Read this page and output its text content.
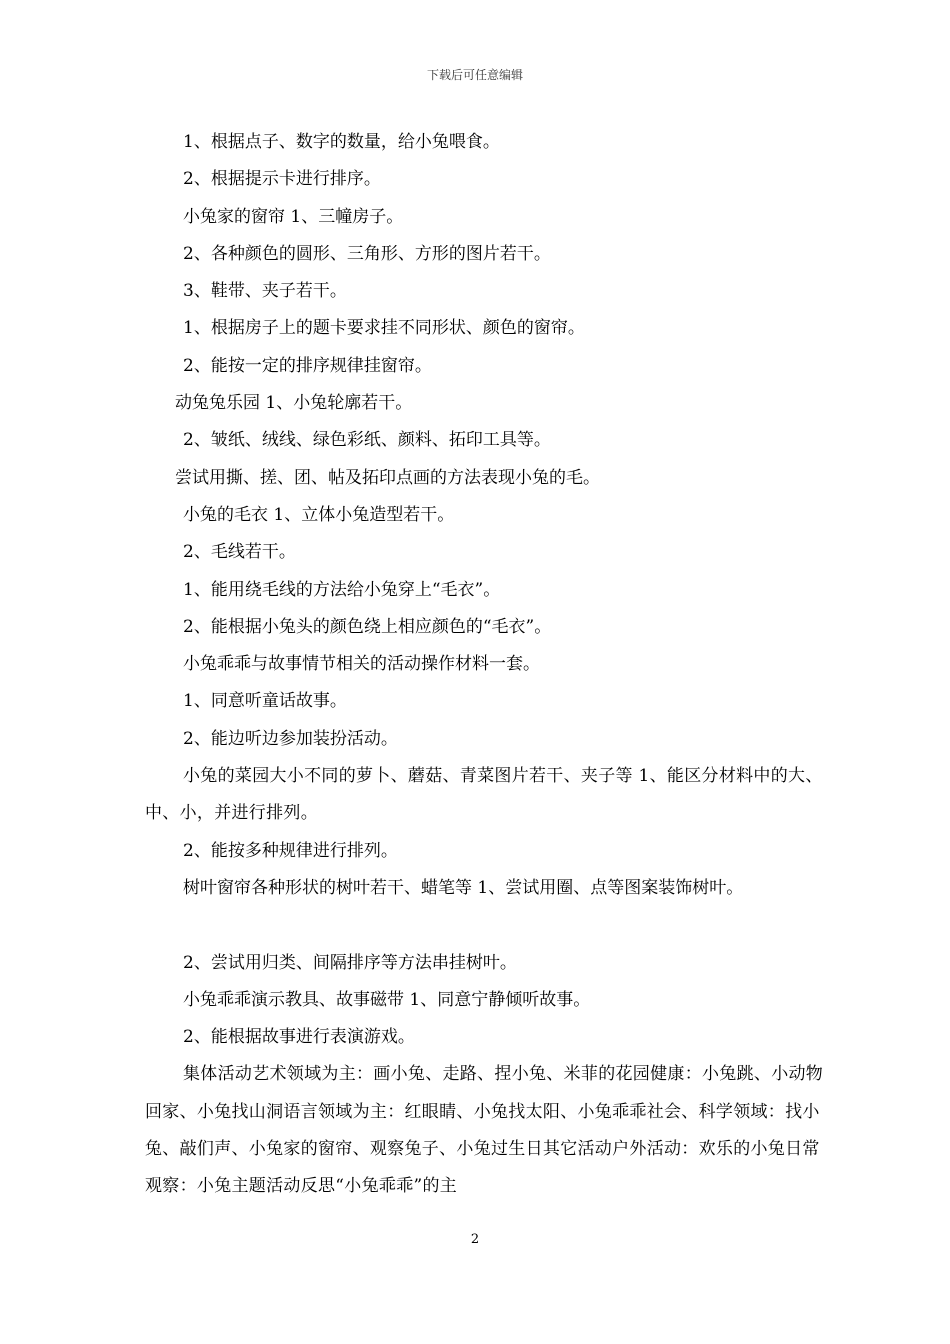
下载后可任意编辑

1、根据点子、数字的数量，给小兔喂食。

2、根据提示卡进行排序。

小兔家的窗帘 1、三幢房子。

2、各种颜色的圆形、三角形、方形的图片若干。

3、鞋带、夹子若干。

1、根据房子上的题卡要求挂不同形状、颜色的窗帘。

2、能按一定的排序规律挂窗帘。

动兔兔乐园 1、小兔轮廓若干。

2、皱纸、绒线、绿色彩纸、颜料、拓印工具等。

尝试用撕、搓、团、帖及拓印点画的方法表现小兔的毛。

小兔的毛衣 1、立体小兔造型若干。

2、毛线若干。

1、能用绕毛线的方法给小兔穿上“毛衣”。

2、能根据小兔头的颜色绕上相应颜色的“毛衣”。

小兔乖乖与故事情节相关的活动操作材料一套。

1、同意听童话故事。

2、能边听边参加装扮活动。

小兔的菜园大小不同的萝卜、蘑菇、青菜图片若干、夹子等 1、能区分材料中的大、中、小，并进行排列。

2、能按多种规律进行排列。

树叶窗帘各种形状的树叶若干、蜡笔等 1、尝试用圈、点等图案装饰树叶。

2、尝试用归类、间隔排序等方法串挂树叶。

小兔乖乖演示教具、故事磁带 1、同意宁静倾听故事。

2、能根据故事进行表演游戏。

集体活动艺术领域为主：画小兔、走路、捏小兔、米菲的花园健康：小兔跳、小动物回家、小兔找山洞语言领域为主：红眼睛、小兔找太阳、小兔乖乖社会、科学领域：找小兔、敲们声、小兔家的窗帘、观察兔子、小兔过生日其它活动户外活动：欢乐的小兔日常观察：小兔主题活动反思“小兔乖乖”的主

2
